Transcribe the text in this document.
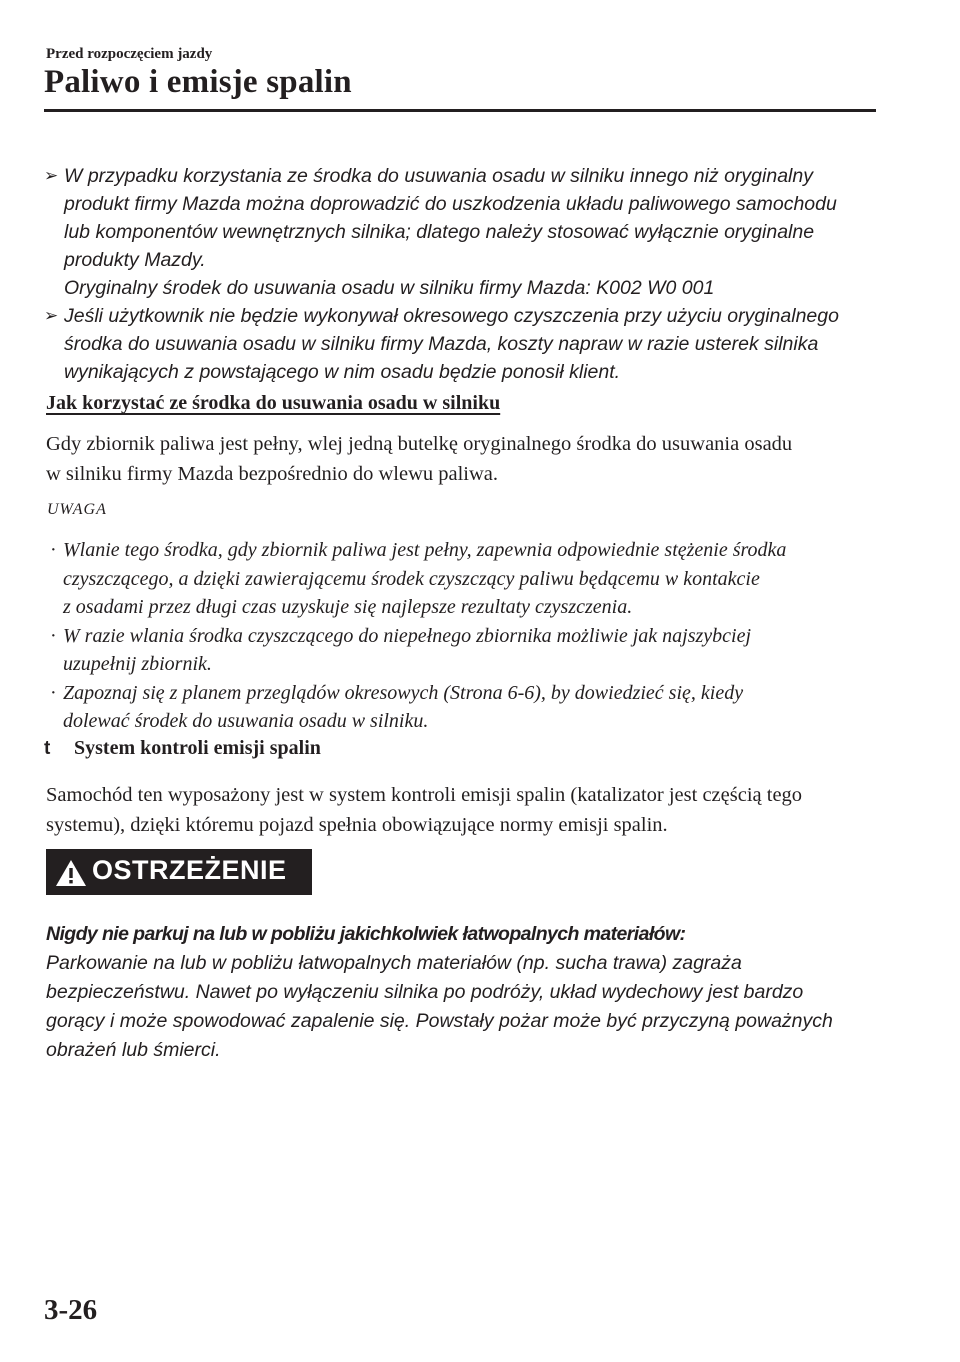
Przed rozpoczęciem jazdy
Paliwo i emisje spalin
➢ W przypadku korzystania ze środka do usuwania osadu w silniku innego niż oryginalny

produkt firmy Mazda można doprowadzić do uszkodzenia układu paliwowego samochodu

lub komponentów wewnętrznych silnika; dlatego należy stosować wyłącznie oryginalne

produkty Mazdy.

Oryginalny środek do usuwania osadu w silniku firmy Mazda: K002 W0 001

➢ Jeśli użytkownik nie będzie wykonywał okresowego czyszczenia przy użyciu oryginalnego

środka do usuwania osadu w silniku firmy Mazda, koszty napraw w razie usterek silnika

wynikających z powstającego w nim osadu będzie ponosił klient.

Jak korzystać ze środka do usuwania osadu w silniku
Gdy zbiornik paliwa jest pełny, wlej jedną butelkę oryginalnego środka do usuwania osadu
w silniku firmy Mazda bezpośrednio do wlewu paliwa.
UWAGA
· Wlanie tego środka, gdy zbiornik paliwa jest pełny, zapewnia odpowiednie stężenie środka
czyszczącego, a dzięki zawierającemu środek czyszczący paliwu będącemu w kontakcie
z osadami przez długi czas uzyskuje się najlepsze rezultaty czyszczenia.
· W razie wlania środka czyszczącego do niepełnego zbiornika możliwie jak najszybciej
uzupełnij zbiornik.
· Zapoznaj się z planem przeglądów okresowych (Strona 6-6), by dowiedzieć się, kiedy
dolewać środek do usuwania osadu w silniku.
t System kontroli emisji spalin
Samochód ten wyposażony jest w system kontroli emisji spalin (katalizator jest częścią tego
systemu), dzięki któremu pojazd spełnia obowiązujące normy emisji spalin.
OSTRZEŻENIE
Nigdy nie parkuj na lub w pobliżu jakichkolwiek łatwopalnych materiałów:
Parkowanie na lub w pobliżu łatwopalnych materiałów (np. sucha trawa) zagraża
bezpieczeństwu. Nawet po wyłączeniu silnika po podróży, układ wydechowy jest bardzo
gorący i może spowodować zapalenie się. Powstały pożar może być przyczyną poważnych
obrażeń lub śmierci.
3-26
